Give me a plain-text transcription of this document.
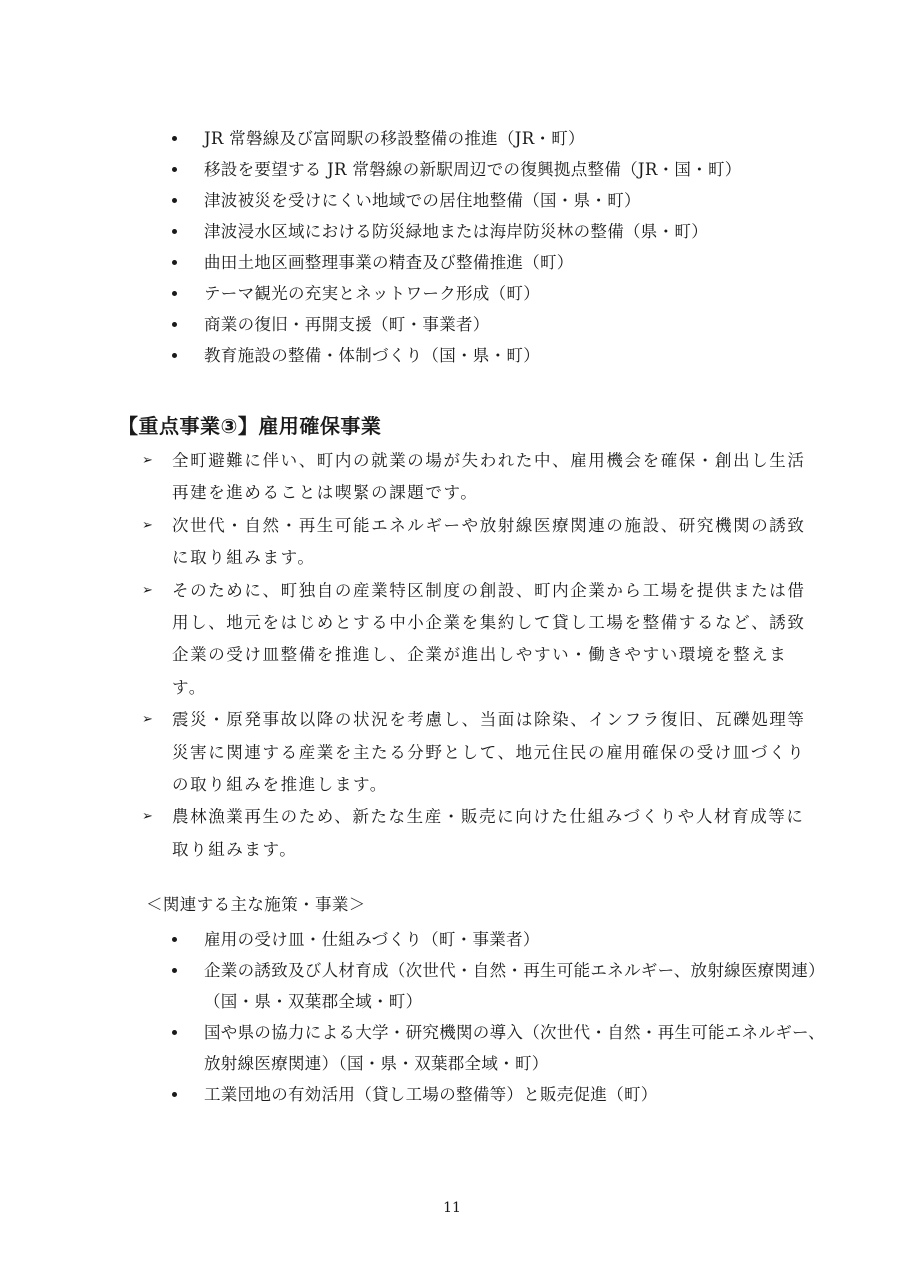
JR 常磐線及び富岡駅の移設整備の推進（JR・町）
移設を要望する JR 常磐線の新駅周辺での復興拠点整備（JR・国・町）
津波被災を受けにくい地域での居住地整備（国・県・町）
津波浸水区域における防災緑地または海岸防災林の整備（県・町）
曲田土地区画整理事業の精査及び整備推進（町）
テーマ観光の充実とネットワーク形成（町）
商業の復旧・再開支援（町・事業者）
教育施設の整備・体制づくり（国・県・町）
【重点事業③】雇用確保事業
➢ 全町避難に伴い、町内の就業の場が失われた中、雇用機会を確保・創出し生活再建を進めることは喫緊の課題です。
➢ 次世代・自然・再生可能エネルギーや放射線医療関連の施設、研究機関の誘致に取り組みます。
➢ そのために、町独自の産業特区制度の創設、町内企業から工場を提供または借用し、地元をはじめとする中小企業を集約して貸し工場を整備するなど、誘致企業の受け皿整備を推進し、企業が進出しやすい・働きやすい環境を整えます。
➢ 震災・原発事故以降の状況を考慮し、当面は除染、インフラ復旧、瓦礫処理等災害に関連する産業を主たる分野として、地元住民の雇用確保の受け皿づくりの取り組みを推進します。
➢ 農林漁業再生のため、新たな生産・販売に向けた仕組みづくりや人材育成等に取り組みます。

＜関連する主な施策・事業＞

雇用の受け皿・仕組みづくり（町・事業者）
企業の誘致及び人材育成（次世代・自然・再生可能エネルギー、放射線医療関連）（国・県・双葉郡全域・町）
国や県の協力による大学・研究機関の導入（次世代・自然・再生可能エネルギー、放射線医療関連）（国・県・双葉郡全域・町）
工業団地の有効活用（貸し工場の整備等）と販売促進（町）
11
